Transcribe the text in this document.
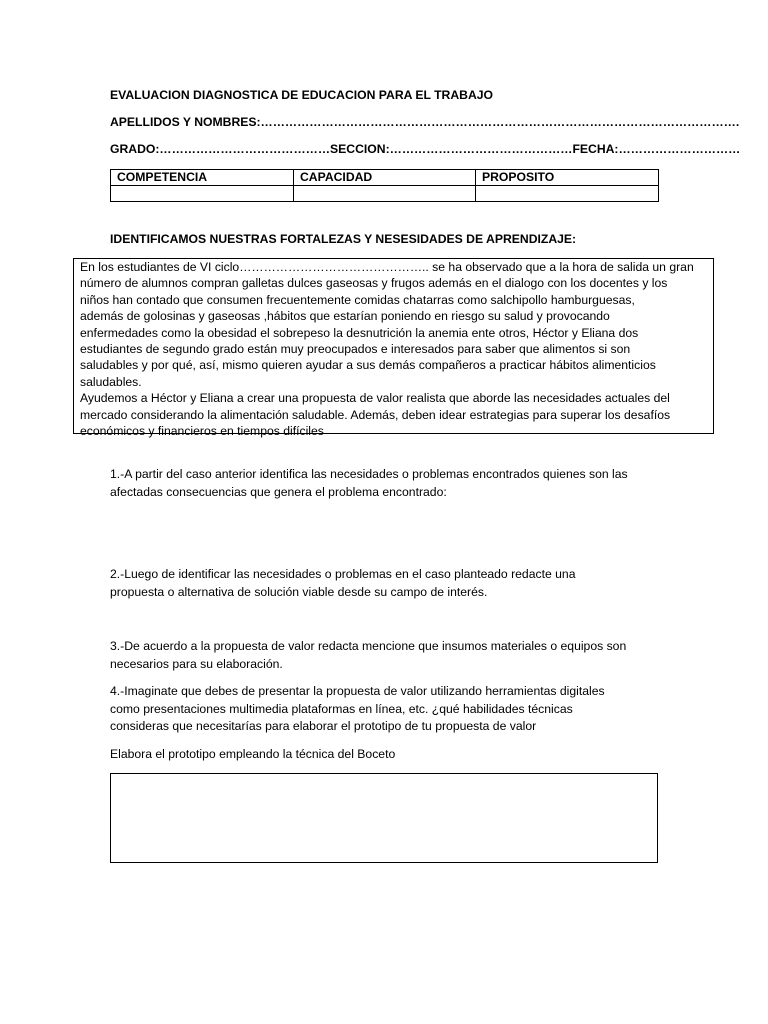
EVALUACION DIAGNOSTICA DE EDUCACION PARA EL TRABAJO
APELLIDOS Y NOMBRES:……………………………………………………………………………………………………….
GRADO:……………………………………SECCION:………………………………………FECHA:…………………………
COMPETENCIA	CAPACIDAD	PROPOSITO

IDENTIFICAMOS NUESTRAS FORTALEZAS Y NESESIDADES DE APRENDIZAJE:

En los estudiantes de VI ciclo……………………………………….. se ha observado que a la hora de salida un gran

número de alumnos compran galletas dulces gaseosas y frugos además en el dialogo con los docentes y los

niños han contado que consumen frecuentemente comidas chatarras como salchipollo hamburguesas,

además de golosinas y gaseosas ,hábitos que estarían poniendo en riesgo su salud y provocando

enfermedades como la obesidad el sobrepeso la desnutrición la anemia ente otros, Héctor y Eliana dos

estudiantes de segundo grado están muy preocupados e interesados para saber que alimentos si son

saludables y por qué, así, mismo quieren ayudar a sus demás compañeros a practicar hábitos alimenticios

saludables.

Ayudemos a Héctor y Eliana a crear una propuesta de valor realista que aborde las necesidades actuales del

mercado considerando la alimentación saludable. Además, deben idear estrategias para superar los desafíos

económicos y financieros en tiempos difíciles

1.-A partir del caso anterior identifica las necesidades o problemas encontrados quienes son las

afectadas consecuencias que genera el problema encontrado:

2.-Luego de identificar las necesidades o problemas en el caso planteado redacte una

propuesta o alternativa de solución viable desde su campo de interés.

3.-De acuerdo a la propuesta de valor redacta mencione que insumos materiales o equipos son

necesarios para su elaboración.

4.-Imaginate que debes de presentar la propuesta de valor utilizando herramientas digitales

como presentaciones multimedia plataformas en línea, etc. ¿qué habilidades técnicas

consideras que necesitarías para elaborar el prototipo de tu propuesta de valor

Elabora el prototipo empleando la técnica del Boceto
